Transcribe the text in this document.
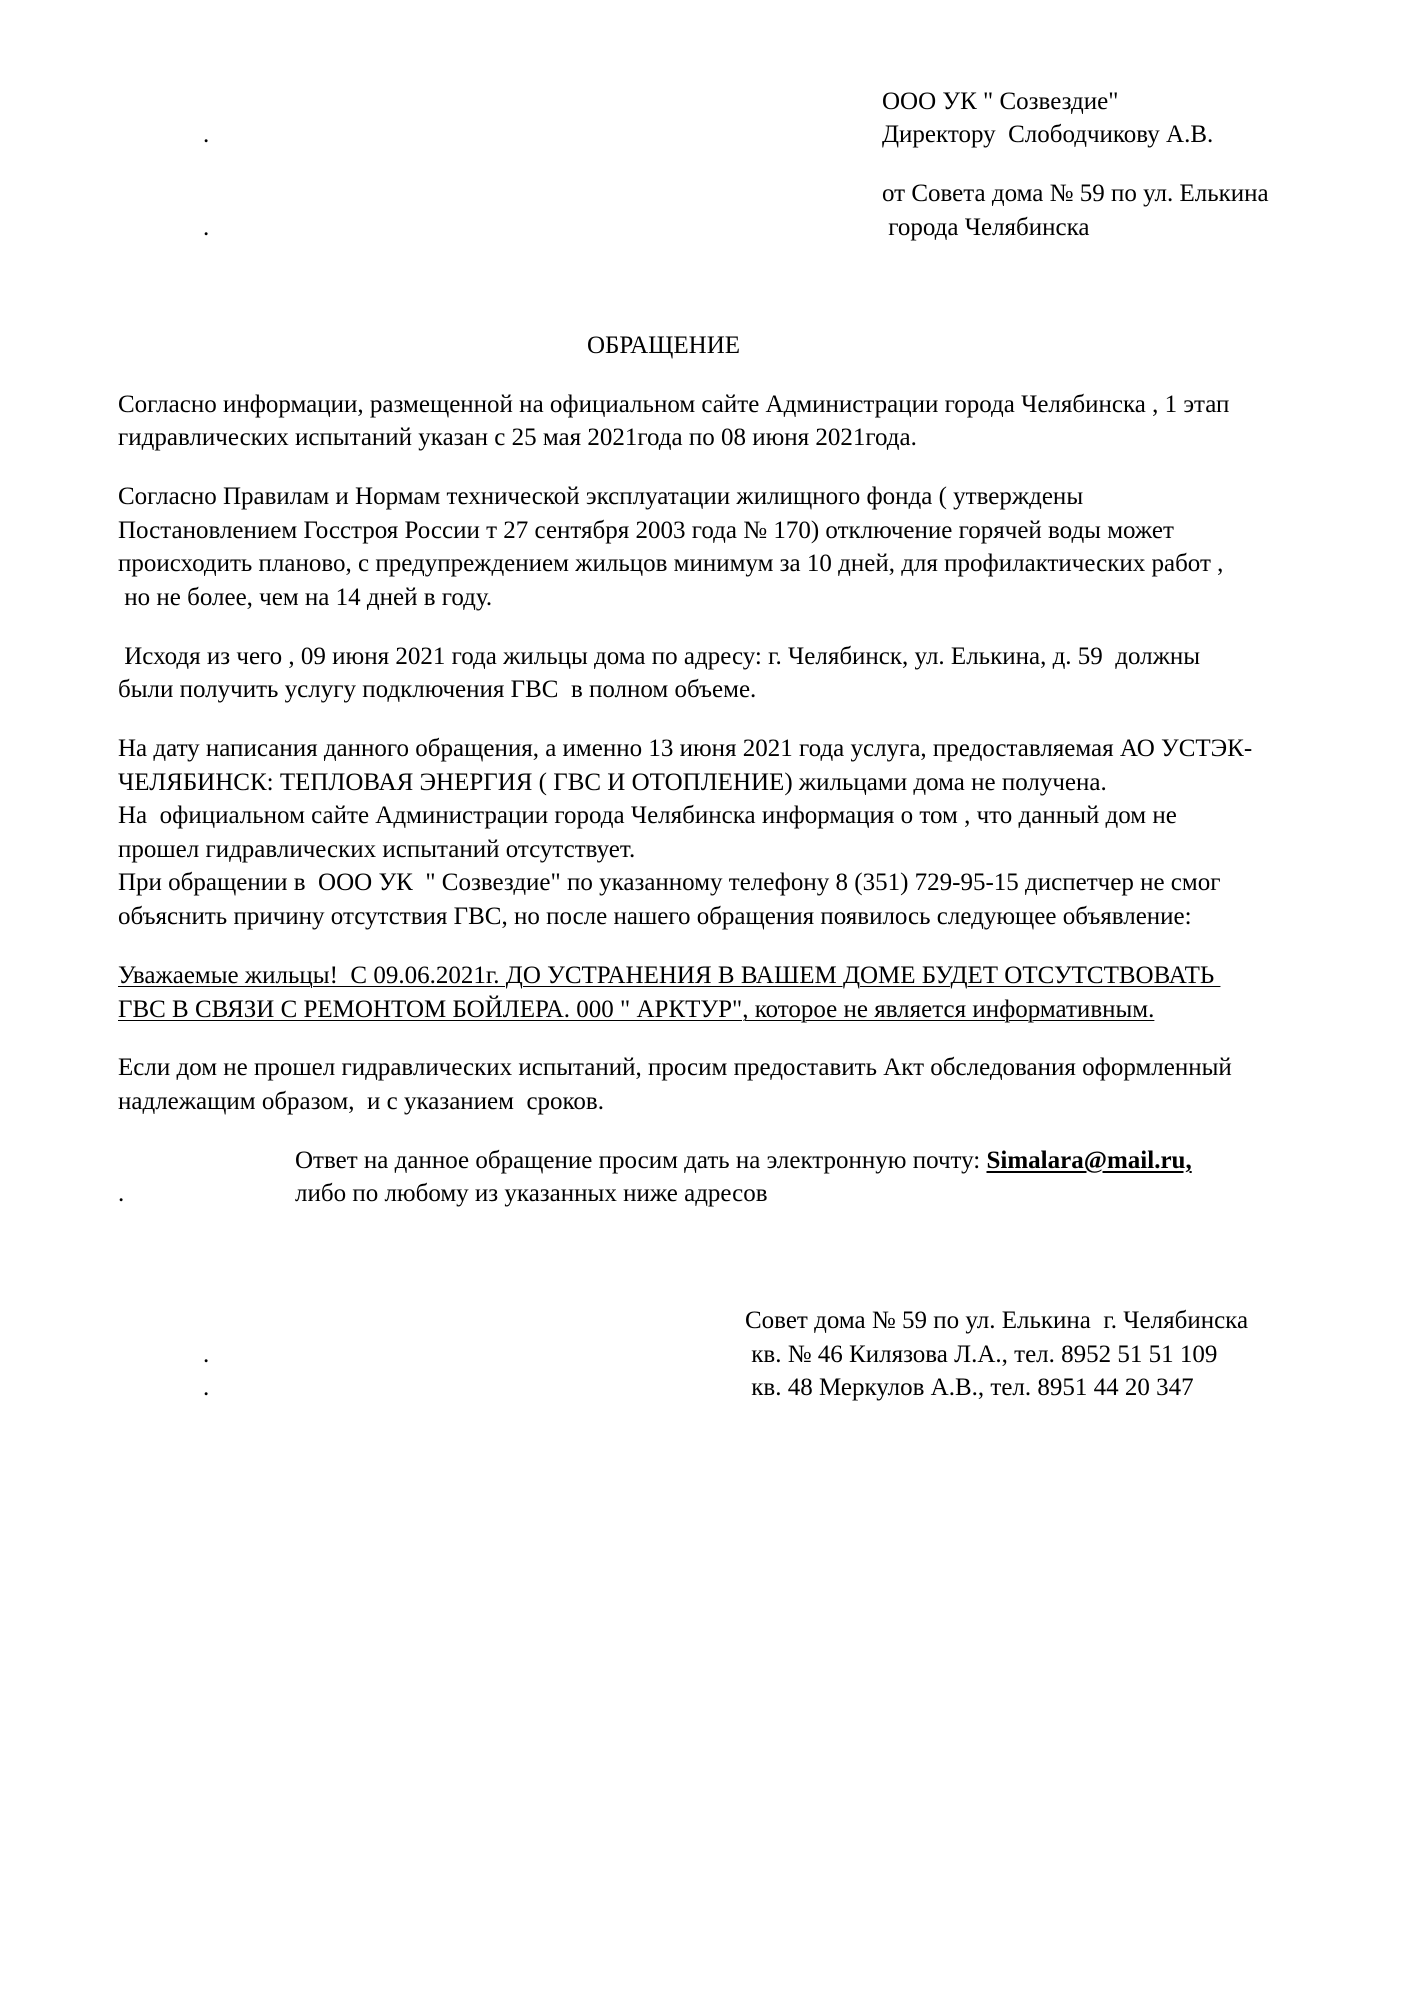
ООО УК " Созвездие"
.	Директору  Слободчикову А.В.
от Совета дома № 59 по ул. Елькина
.	города Челябинска
ОБРАЩЕНИЕ
Согласно информации, размещенной на официальном сайте Администрации города Челябинска , 1 этап
гидравлических испытаний указан с 25 мая 2021года по 08 июня 2021года.
Согласно Правилам и Нормам технической эксплуатации жилищного фонда ( утверждены
Постановлением Госстроя России т 27 сентября 2003 года № 170) отключение горячей воды может
происходить планово, с предупреждением жильцов минимум за 10 дней, для профилактических работ ,
но не более, чем на 14 дней в году.
Исходя из чего , 09 июня 2021 года жильцы дома по адресу: г. Челябинск, ул. Елькина, д. 59  должны
были получить услугу подключения ГВС  в полном объеме.
На дату написания данного обращения, а именно 13 июня 2021 года услуга, предоставляемая АО УСТЭК-
ЧЕЛЯБИНСК: ТЕПЛОВАЯ ЭНЕРГИЯ ( ГВС И ОТОПЛЕНИЕ) жильцами дома не получена.
На  официальном сайте Администрации города Челябинска информация о том , что данный дом не
прошел гидравлических испытаний отсутствует.
При обращении в  ООО УК  " Созвездие" по указанному телефону 8 (351) 729-95-15 диспетчер не смог
объяснить причину отсутствия ГВС, но после нашего обращения появилось следующее объявление:
Уважаемые жильцы!  С 09.06.2021г. ДО УСТРАНЕНИЯ В ВАШЕМ ДОМЕ БУДЕТ ОТСУТСТВОВАТЬ
ГВС В СВЯЗИ С РЕМОНТОМ БОЙЛЕРА. 000 " АРКТУР", которое не является информативным.
Если дом не прошел гидравлических испытаний, просим предоставить Акт обследования оформленный
надлежащим образом,  и с указанием  сроков.
Ответ на данное обращение просим дать на электронную почту: Simalara@mail.ru,
.	либо по любому из указанных ниже адресов
Совет дома № 59 по ул. Елькина  г. Челябинска
.	кв. № 46 Килязова Л.А., тел. 8952 51 51 109
.	кв. 48 Меркулов А.В., тел. 8951 44 20 347
